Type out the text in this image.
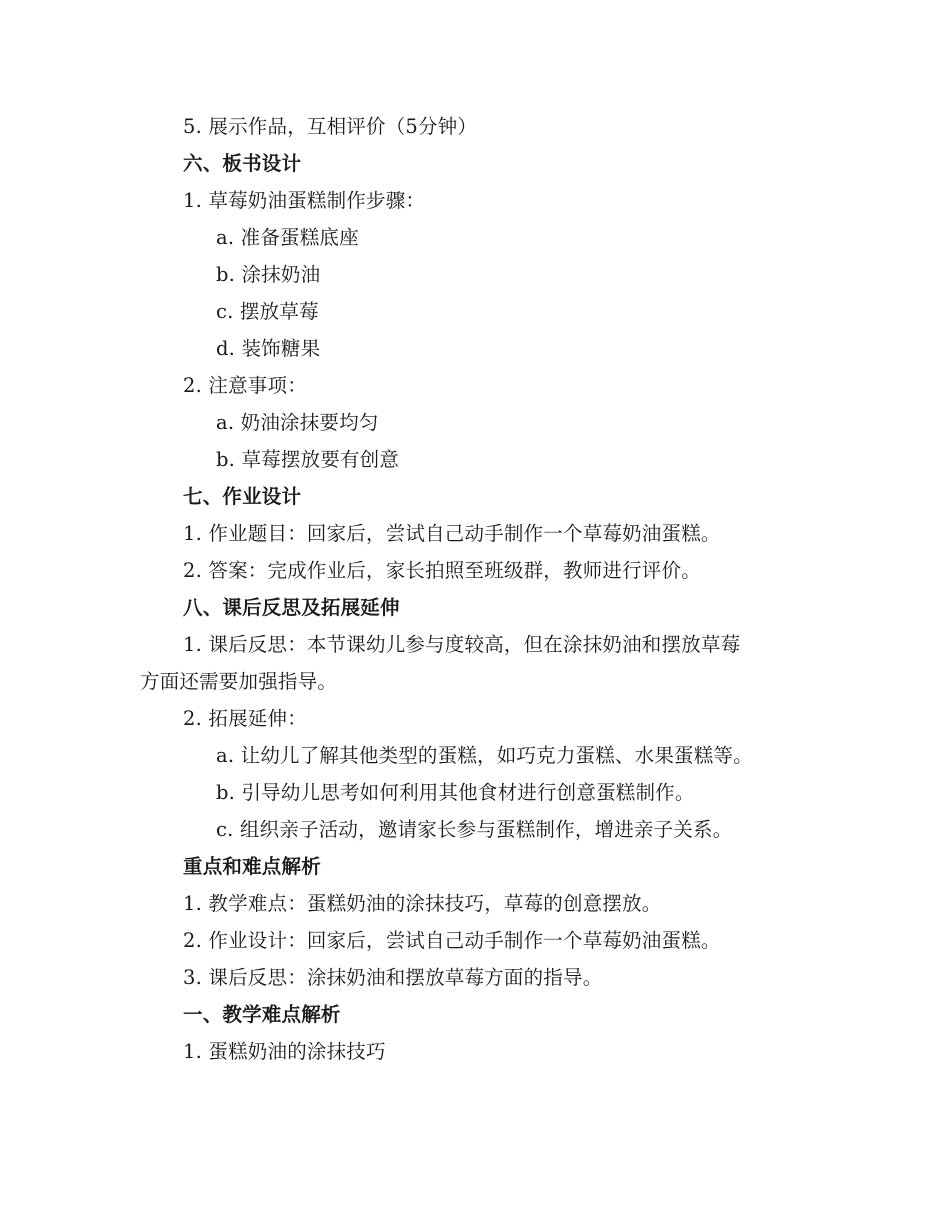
5. 展示作品，互相评价（5分钟）
六、板书设计
1. 草莓奶油蛋糕制作步骤：
a. 准备蛋糕底座
b. 涂抹奶油
c. 摆放草莓
d. 装饰糖果
2. 注意事项：
a. 奶油涂抹要均匀
b. 草莓摆放要有创意
七、作业设计
1. 作业题目：回家后，尝试自己动手制作一个草莓奶油蛋糕。
2. 答案：完成作业后，家长拍照至班级群，教师进行评价。
八、课后反思及拓展延伸
1. 课后反思：本节课幼儿参与度较高，但在涂抹奶油和摆放草莓
方面还需要加强指导。
2. 拓展延伸：
a. 让幼儿了解其他类型的蛋糕，如巧克力蛋糕、水果蛋糕等。
b. 引导幼儿思考如何利用其他食材进行创意蛋糕制作。
c. 组织亲子活动，邀请家长参与蛋糕制作，增进亲子关系。
重点和难点解析
1. 教学难点：蛋糕奶油的涂抹技巧，草莓的创意摆放。
2. 作业设计：回家后，尝试自己动手制作一个草莓奶油蛋糕。
3. 课后反思：涂抹奶油和摆放草莓方面的指导。
一、教学难点解析
1. 蛋糕奶油的涂抹技巧
